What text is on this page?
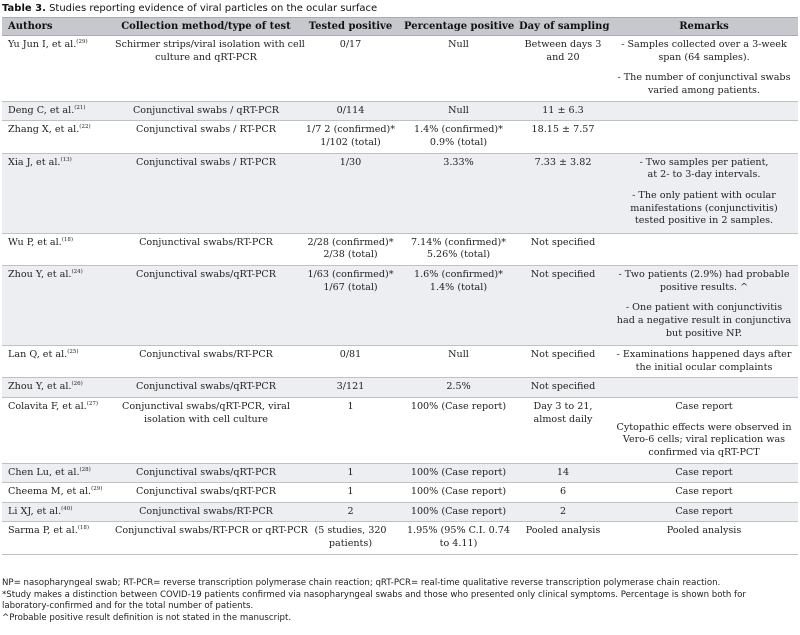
Table 3. Studies reporting evidence of viral particles on the ocular surface
Authors	Collection method/type of test	Tested positive	Percentage positive	Day of sampling	Remarks
Yu Jun I, et al.$^{(29)}$	Schirmer strips/viral isolation with cell
culture and qRT-PCR	0/17	Null	Between days 3
and 20	- Samples collected over a 3-week
span (64 samples).
- The number of conjunctival swabs
varied among patients.

Deng C, et al.$^{(21)}$	Conjunctival swabs / qRT-PCR	0/114	Null	11 ± 6.3	

Zhang X, et al.$^{(22)}$	Conjunctival swabs / RT-PCR	1/7 2 (confirmed)*
1/102 (total)	1.4% (confirmed)*
0.9% (total)	18.15 ± 7.57	

Xia J, et al.$^{(13)}$	Conjunctival swabs / RT-PCR	1/30	3.33%	7.33 ± 3.82	- Two samples per patient,
at 2- to 3-day intervals.
- The only patient with ocular
manifestations (conjunctivitis)
tested positive in 2 samples.

Wu P, et al.$^{(18)}$	Conjunctival swabs/RT-PCR	2/28 (confirmed)*
2/38 (total)	7.14% (confirmed)*
5.26% (total)	Not specified	

Zhou Y, et al.$^{(24)}$	Conjunctival swabs/qRT-PCR	1/63 (confirmed)*
1/67 (total)	1.6% (confirmed)*
1.4% (total)	Not specified	- Two patients (2.9%) had probable
positive results. ^
- One patient with conjunctivitis
had a negative result in conjunctiva
but positive NP.

Lan Q, et al.$^{(25)}$	Conjunctival swabs/RT-PCR	0/81	Null	Not specified	- Examinations happened days after
the initial ocular complaints

Zhou Y, et al.$^{(26)}$	Conjunctival swabs/qRT-PCR	3/121	2.5%	Not specified	

Colavita F, et al.$^{(27)}$	Conjunctival swabs/qRT-PCR, viral
isolation with cell culture	1	100% (Case report)	Day 3 to 21,
almost daily	Case report
Cytopathic effects were observed in
Vero-6 cells; viral replication was
confirmed via qRT-PCT

Chen Lu, et al.$^{(28)}$	Conjunctival swabs/qRT-PCR	1	100% (Case report)	14	Case report

Cheema M, et al.$^{(29)}$	Conjunctival swabs/qRT-PCR	1	100% (Case report)	6	Case report

Li XJ, et al.$^{(40)}$	Conjunctival swabs/RT-PCR	2	100% (Case report)	2	Case report

Sarma P, et al.$^{(18)}$	Conjunctival swabs/RT-PCR or qRT-PCR	(5 studies, 320
patients)	1.95% (95% C.I. 0.74
to 4.11)	Pooled analysis	Pooled analysis
NP= nasopharyngeal swab; RT-PCR= reverse transcription polymerase chain reaction; qRT-PCR= real-time qualitative reverse transcription polymerase chain reaction.
*Study makes a distinction between COVID-19 patients confirmed via nasopharyngeal swabs and those who presented only clinical symptoms. Percentage is shown both for
laboratory-confirmed and for the total number of patients.
^Probable positive result definition is not stated in the manuscript.
